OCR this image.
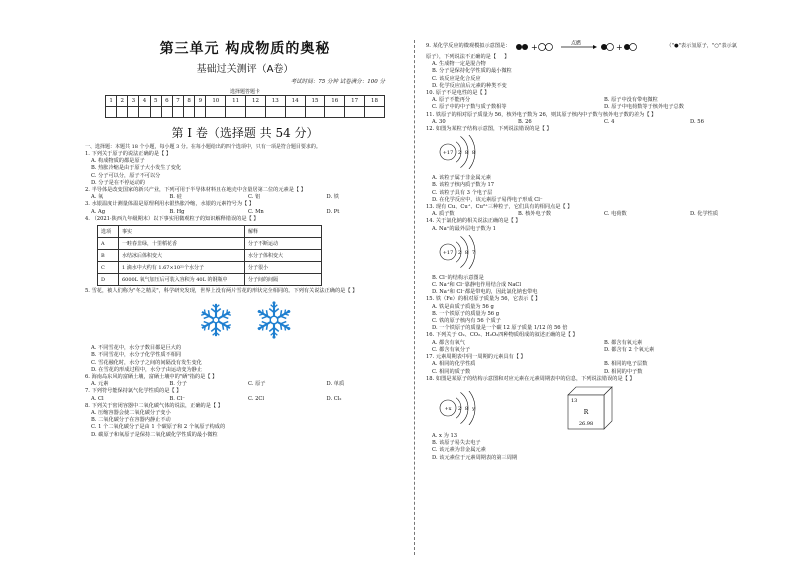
第三单元 构成物质的奥秘
基础过关测评（A卷）
考试时间：75 分钟 试卷满分：100 分
选择题答题卡
1	2	3	4	5	6	7	8	9	10	11	12	13	14	15	16	17	18

第 I 卷（选择题 共 54 分）
一、选择题：本题共 18 个小题，每小题 3 分。在每小题给出的四个选项中，只有一项是符合题目要求的。
1. 下列关于原子的说法正确的是【 】
A. 构成物质的都是原子
B. 热胀冷缩是由于原子大小发生了变化
C. 分子可以分，原子不可以分
D. 分子是在不停运动的
2. 半导体是改变国家的新兴产业，下列可用于半导体材料且在地壳中含量居第二位的元素是【 】
A. 氧	B. 硅	C. 铝	D. 铁
3. 水银温度计测量体温是原理利用水银热胀冷缩，水银的元素符号为【 】
A. Ag	B. Hg	C. Mn	D. Pt
4. （2021·陕西九年级期末）以下事实用微观粒子的知识解释错误的是【 】
选项	事实	解释
A	一畦春韭绿，十里稻花香	分子不断运动
B	水结冰后体积变大	水分子体积变大
C	1 滴水中大约有 1.67×10²¹个水分子	分子很小
D	6000L 氧气加压后可装入容积为 40L 的钢瓶中	分子间的间隔
5. 雪花，被人们称为"冬之精灵"，科学研究发现，世界上没有两片雪花的形状完全相同的。下列有关说法正确的是【 】
A. 不同雪花中，水分子数目都是巨大的
B. 不同雪花中，水分子化学性质不相同
C. 雪花融化时，水分子之间的间隔没有发生变化
D. 在雪花的形成过程中，水分子由运动变为静止
6. 海南岛东风的富硒土壤，富硒土壤中的"硒"指的是【 】
A. 元素	B. 分子	C. 原子	D. 单质
7. 下列符号能保持氯气化学性质的是【 】
A. Cl	B. Cl⁻	C. 2Cl	D. Cl₂
8. 下列关于密闭容器中二氧化碳气体的说法，正确的是【 】
A. 压缩容器会使二氧化碳分子变小
B. 二氧化碳分子在容器内静止不动
C. 1 个二氧化碳分子是由 1 个碳原子和 2 个氧原子构成的
D. 碳原子和氧原子是保持二氧化碳化学性质的最小微粒
9. 某化学反应的微观模拟示意图是：	+	点燃	+	（"●"表示氢原子，"○"表示氯
原子），下列说法不正确的是【     】
A. 生成物一定是混合物
B. 分子是保持化学性质的最小微粒
C. 该反应是化合反应
D. 化学反应前后元素的种类不变
10. 原子不是电性的是【 】
A. 原子不能再分	B. 原子中没有带电微粒
C. 原子中的中子数与质子数相等	D. 原子中电荷数等于核外电子总数
11. 铁原子的相对原子质量为 56，核外电子数为 26，则其原子核内中子数与核外电子数的差为【 】
A. 30	B. 26	C. 4	D. 56
12. 如图为某粒子结构示意图，下列说法错误的是【 】
+17 2 8 8
A. 该粒子属于非金属元素
B. 该粒子核内质子数为 17
C. 该粒子具有 3 个电子层
D. 在化学反应中，该元素原子易得电子形成 Cl⁻
13. 现有 Cu、Cu⁺、Cu²⁺三种粒子，它们具有的相同点是【 】
A. 质子数	B. 核外电子数	C. 电荷数	D. 化学性质
14. 关于氯化钠的相关说法正确的是【 】
A. Na⁺的最外层电子数为 1
+17 2 8 7
B. Cl⁻的结构示意图是
C. Na⁺和 Cl⁻靠静电作用结合成 NaCl
D. Na⁺和 Cl⁻都是带电的，因此氯化钠也带电
15. 铁（Fe）的相对原子质量为 56，它表示【 】
A. 铁是由质子质量为 56 g
B. 一个铁原子的质量为 56 g
C. 铁的原子核内有 56 个质子
D. 一个铁原子的质量是一个碳 12 原子质量 1/12 的 56 倍
16. 下列关于 O₂、CO₂、H₂O₂四种物质组成的叙述正确的是【 】
A. 都含有氧气	B. 都含有氧元素
C. 都含有氧分子	D. 都含有 2 个氧元素
17. 元素周期表中同一周期的元素具有【 】
A. 相同的化学性质	B. 相同的电子层数
C. 相同的质子数	D. 相同的中子数
18. 如图是某原子的结构示意图和对应元素在元素周期表中的信息，下列说法错误的是【 】
+x 2 8 y
13
R
26.98
A. x 为 13
B. 该原子易失去电子
C. 该元素为非金属元素
D. 该元素位于元素周期表的第三周期
